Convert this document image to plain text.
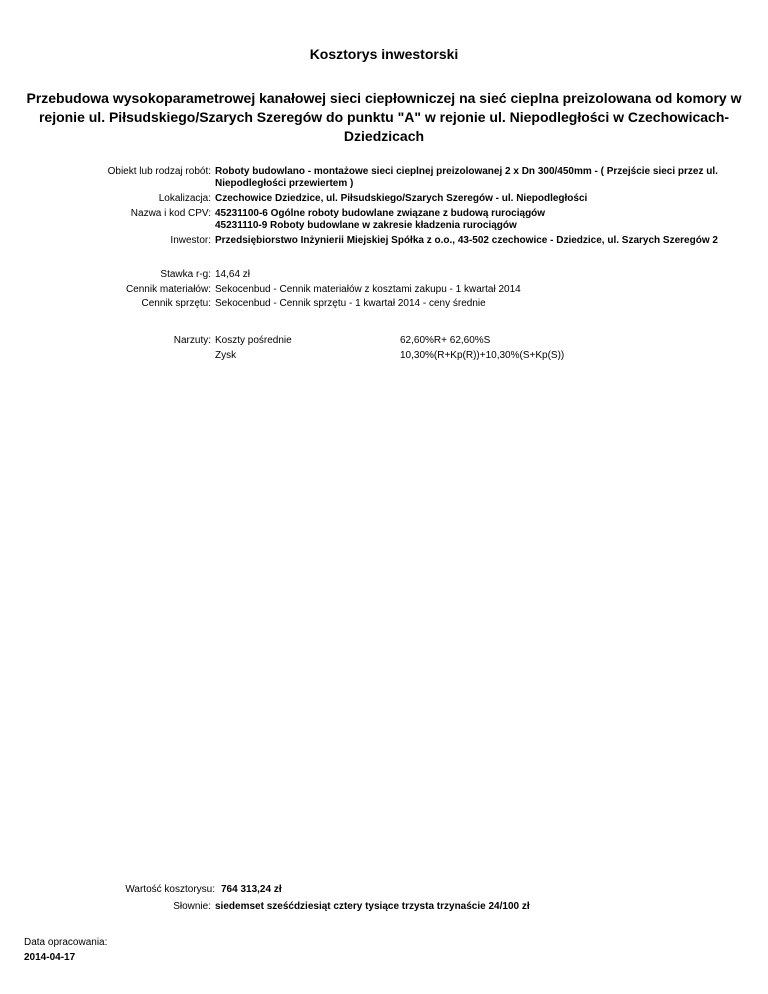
Kosztorys inwestorski
Przebudowa wysokoparametrowej kanałowej sieci ciepłowniczej na sieć cieplna preizolowana od komory w rejonie ul. Piłsudskiego/Szarych Szeregów do punktu "A" w rejonie ul. Niepodległości w Czechowicach- Dziedzicach
Obiekt lub rodzaj robót: Roboty budowlano - montażowe sieci cieplnej preizolowanej 2 x Dn 300/450mm - ( Przejście sieci przez ul.
Niepodległości przewiertem )
Lokalizacja: Czechowice Dziedzice, ul. Piłsudskiego/Szarych Szeregów - ul. Niepodległości
Nazwa i kod CPV: 45231100-6 Ogólne roboty budowlane związane z budową rurociągów
45231110-9 Roboty budowlane w zakresie kładzenia rurociągów
Inwestor: Przedsiębiorstwo Inżynierii Miejskiej Spółka z o.o., 43-502 czechowice - Dziedzice, ul. Szarych Szeregów 2
Stawka r-g: 14,64 zł
Cennik materiałów: Sekocenbud - Cennik materiałów z kosztami zakupu - 1 kwartał 2014
Cennik sprzętu: Sekocenbud - Cennik sprzętu - 1 kwartał 2014 - ceny średnie
Narzuty: Koszty pośrednie	62,60%R+ 62,60%S
Zysk	10,30%(R+Kp(R))+10,30%(S+Kp(S))
Wartość kosztorysu: 764 313,24 zł
Słownie: siedemset sześćdziesiąt cztery tysiące trzysta trzynaście 24/100 zł
Data opracowania:
2014-04-17
